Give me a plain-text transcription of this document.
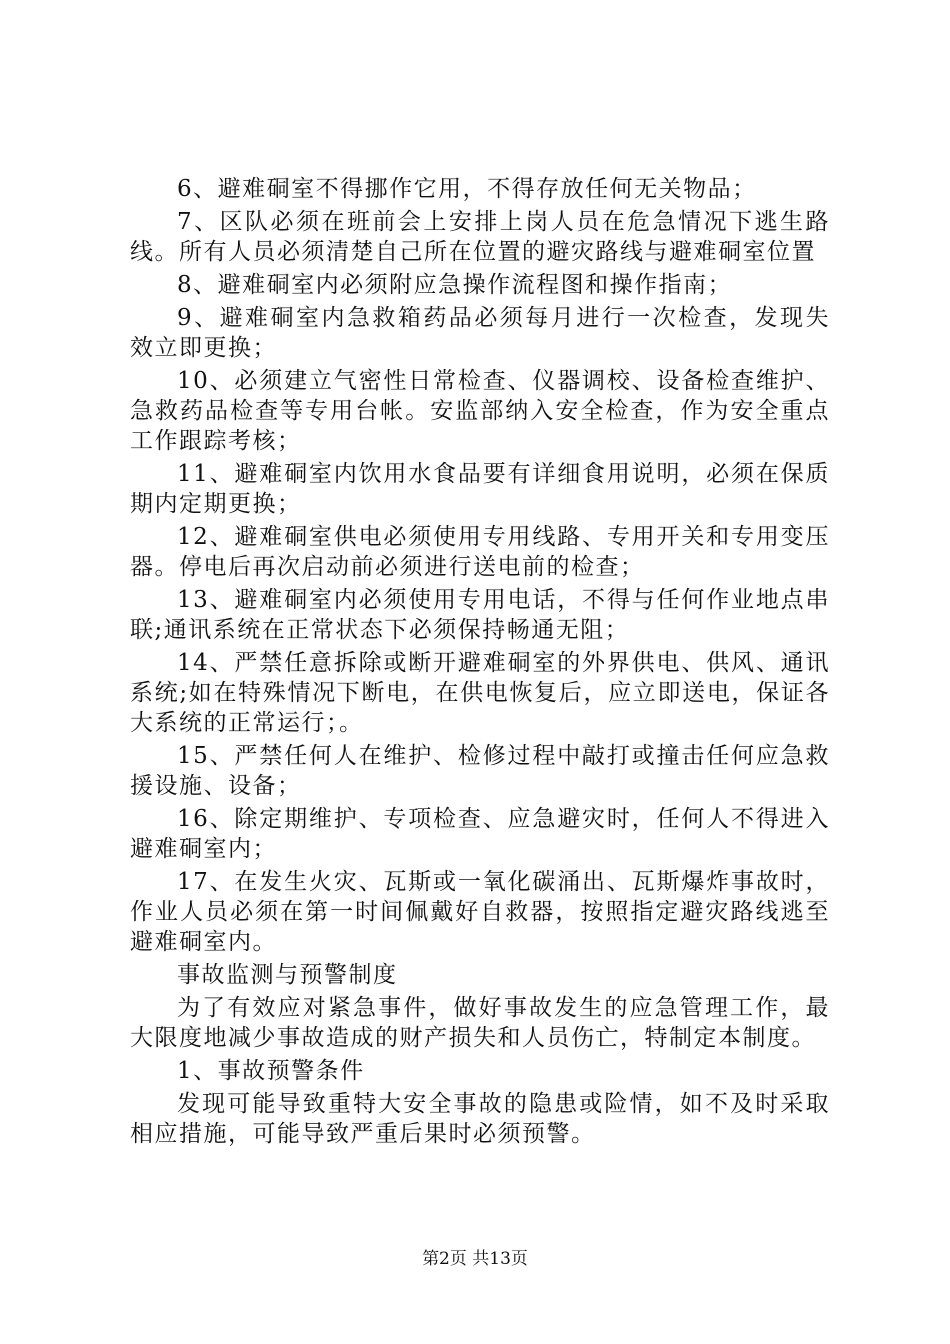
6、避难硐室不得挪作它用，不得存放任何无关物品；

7、区队必须在班前会上安排上岗人员在危急情况下逃生路线。所有人员必须清楚自己所在位置的避灾路线与避难硐室位置

8、避难硐室内必须附应急操作流程图和操作指南；

9、避难硐室内急救箱药品必须每月进行一次检查，发现失效立即更换；

10、必须建立气密性日常检查、仪器调校、设备检查维护、急救药品检查等专用台帐。安监部纳入安全检查，作为安全重点工作跟踪考核；

11、避难硐室内饮用水食品要有详细食用说明，必须在保质期内定期更换；

12、避难硐室供电必须使用专用线路、专用开关和专用变压器。停电后再次启动前必须进行送电前的检查；

13、避难硐室内必须使用专用电话，不得与任何作业地点串联;通讯系统在正常状态下必须保持畅通无阻；

14、严禁任意拆除或断开避难硐室的外界供电、供风、通讯系统;如在特殊情况下断电，在供电恢复后，应立即送电，保证各大系统的正常运行；。

15、严禁任何人在维护、检修过程中敲打或撞击任何应急救援设施、设备；

16、除定期维护、专项检查、应急避灾时，任何人不得进入避难硐室内；

17、在发生火灾、瓦斯或一氧化碳涌出、瓦斯爆炸事故时，作业人员必须在第一时间佩戴好自救器，按照指定避灾路线逃至避难硐室内。

事故监测与预警制度

为了有效应对紧急事件，做好事故发生的应急管理工作，最大限度地减少事故造成的财产损失和人员伤亡，特制定本制度。

1、事故预警条件

发现可能导致重特大安全事故的隐患或险情，如不及时采取相应措施，可能导致严重后果时必须预警。

第2页 共13页
